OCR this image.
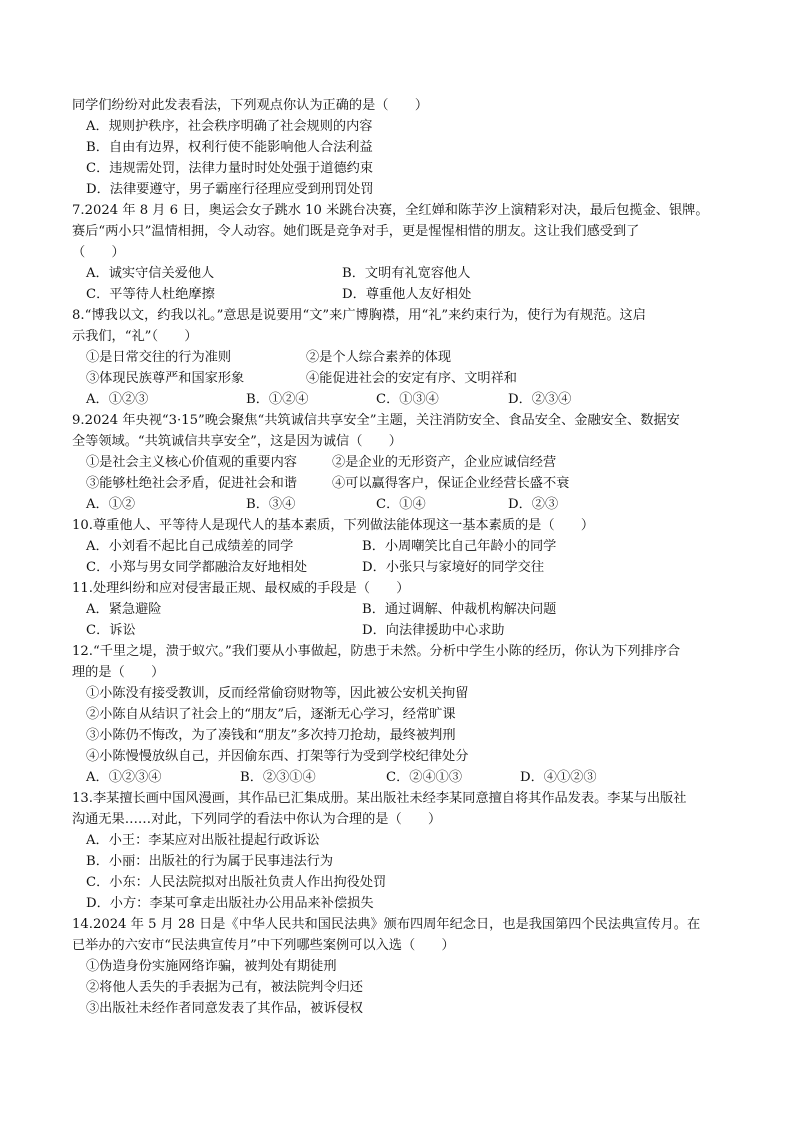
同学们纷纷对此发表看法，下列观点你认为正确的是（　　）
A．规则护秩序，社会秩序明确了社会规则的内容
B．自由有边界，权利行使不能影响他人合法利益
C．违规需处罚，法律力量时时处处强于道德约束
D．法律要遵守，男子霸座行径理应受到刑罚处罚
7.2024 年 8 月 6 日，奥运会女子跳水 10 米跳台决赛，全红婵和陈芋汐上演精彩对决，最后包揽金、银牌。
赛后“两小只”温情相拥，令人动容。她们既是竞争对手，更是惺惺相惜的朋友。这让我们感受到了
（　　）
A．诚实守信关爱他人	B．文明有礼宽容他人
C．平等待人杜绝摩擦	D．尊重他人友好相处
8.“博我以文，约我以礼。”意思是说要用“文”来广博胸襟，用“礼”来约束行为，使行为有规范。这启
示我们，“礼”（　　）
①是日常交往的行为准则	②是个人综合素养的体现
③体现民族尊严和国家形象	④能促进社会的安定有序、文明祥和
A．①②③	B．①②④	C．①③④	D．②③④
9.2024 年央视“3·15”晚会聚焦“共筑诚信共享安全”主题，关注消防安全、食品安全、金融安全、数据安
全等领域。“共筑诚信共享安全”，这是因为诚信（　　）
①是社会主义核心价值观的重要内容	②是企业的无形资产，企业应诚信经营
③能够杜绝社会矛盾，促进社会和谐	④可以赢得客户，保证企业经营长盛不衰
A．①②	B．③④	C．①④	D．②③
10.尊重他人、平等待人是现代人的基本素质，下列做法能体现这一基本素质的是（　　）
A．小刘看不起比自己成绩差的同学	B．小周嘲笑比自己年龄小的同学
C．小郑与男女同学都融洽友好地相处	D．小张只与家境好的同学交往
11.处理纠纷和应对侵害最正规、最权威的手段是（　　）
A．紧急避险	B．通过调解、仲裁机构解决问题
C．诉讼	D．向法律援助中心求助
12.“千里之堤，溃于蚁穴。”我们要从小事做起，防患于未然。分析中学生小陈的经历，你认为下列排序合
理的是（　　）
①小陈没有接受教训，反而经常偷窃财物等，因此被公安机关拘留
②小陈自从结识了社会上的“朋友”后，逐渐无心学习，经常旷课
③小陈仍不悔改，为了凑钱和“朋友”多次持刀抢劫，最终被判刑
④小陈慢慢放纵自己，并因偷东西、打架等行为受到学校纪律处分
A．①②③④	B．②③①④	C．②④①③	D．④①②③
13.李某擅长画中国风漫画，其作品已汇集成册。某出版社未经李某同意擅自将其作品发表。李某与出版社
沟通无果……对此，下列同学的看法中你认为合理的是（　　）
A．小王：李某应对出版社提起行政诉讼
B．小丽：出版社的行为属于民事违法行为
C．小东：人民法院拟对出版社负责人作出拘役处罚
D．小方：李某可拿走出版社办公用品来补偿损失
14.2024 年 5 月 28 日是《中华人民共和国民法典》颁布四周年纪念日，也是我国第四个民法典宣传月。在
已举办的六安市“民法典宣传月”中下列哪些案例可以入选（　　）
①伪造身份实施网络诈骗，被判处有期徒刑
②将他人丢失的手表据为己有，被法院判令归还
③出版社未经作者同意发表了其作品，被诉侵权
